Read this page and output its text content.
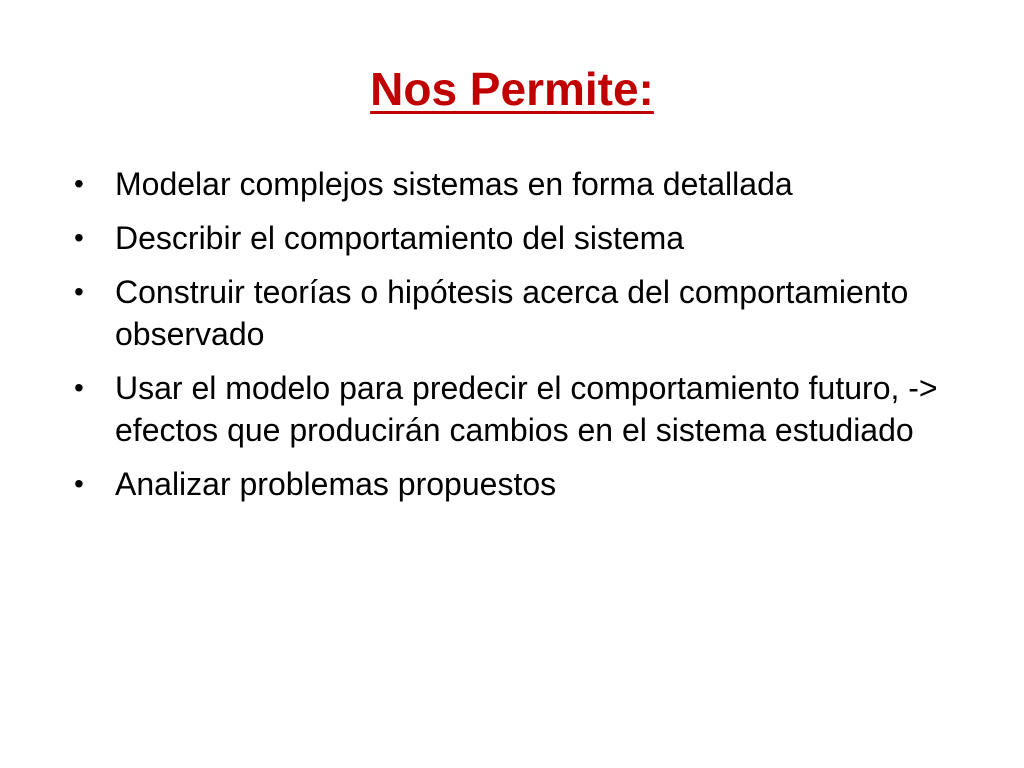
Nos Permite:
• Modelar complejos sistemas en forma detallada
• Describir el comportamiento del sistema
• Construir teorías o hipótesis acerca del comportamiento observado
• Usar el modelo para predecir el comportamiento futuro, -> efectos que producirán cambios en el sistema estudiado
• Analizar problemas propuestos
